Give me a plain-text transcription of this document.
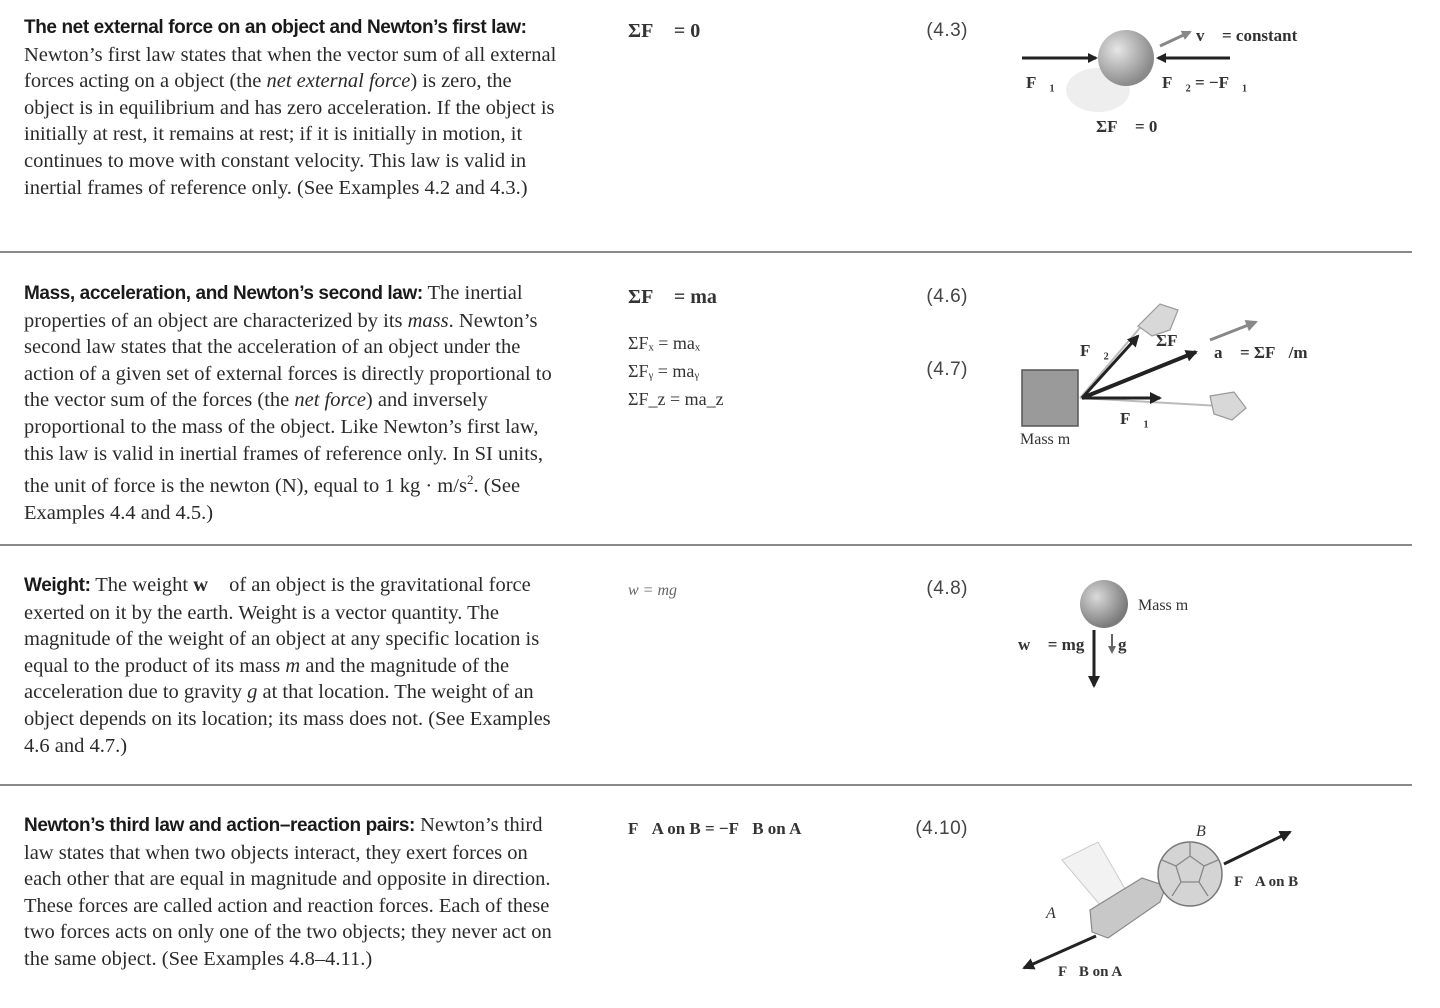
The net external force on an object and Newton’s first law: Newton’s first law states that when the vector sum of all external forces acting on a object (the net external force) is zero, the object is in equilibrium and has zero acceleration. If the object is initially at rest, it remains at rest; if it is initially in motion, it continues to move with constant velocity. This law is valid in inertial frames of reference only. (See Examples 4.2 and 4.3.)
ΣF⃗ = 0	(4.3)	v⃗ = constant
F⃗₁	F⃗₂ = −F⃗₁
ΣF⃗ = 0
Mass, acceleration, and Newton’s second law: The inertial properties of an object are characterized by its mass. Newton’s second law states that the acceleration of an object under the action of a given set of external forces is directly proportional to the vector sum of the forces (the net force) and inversely proportional to the mass of the object. Like Newton’s first law, this law is valid in inertial frames of reference only. In SI units, the unit of force is the newton (N), equal to 1 kg · $m/s^2$. (See Examples 4.4 and 4.5.)
ΣF⃗ = ma⃗
ΣFₓ = maₓ
ΣFᵧ = maᵧ
ΣF_z = ma_z
(4.6)
(4.7)
F⃗₂
ΣF⃗
a⃗ = ΣF⃗/m
F⃗₁
Mass m
Weight: The weight w⃗ of an object is the gravitational force exerted on it by the earth. Weight is a vector quantity. The magnitude of the weight of an object at any specific location is equal to the product of its mass m and the magnitude of the acceleration due to gravity g at that location. The weight of an object depends on its location; its mass does not. (See Examples 4.6 and 4.7.)
w = mg	(4.8)
Mass m
w⃗ = mg⃗ g⃗
Newton’s third law and action–reaction pairs: Newton’s third law states that when two objects interact, they exert forces on each other that are equal in magnitude and opposite in direction. These forces are called action and reaction forces. Each of these two forces acts on only one of the two objects; they never act on the same object. (See Examples 4.8–4.11.)
F⃗A on B = −F⃗B on A	(4.10)	B
A
F⃗A on B
F⃗B on A
